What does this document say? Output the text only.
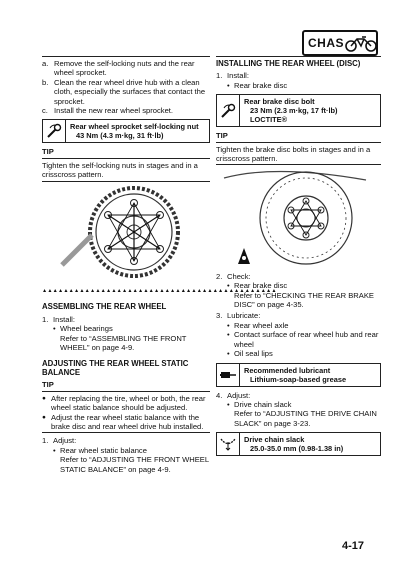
CHAS
a. Remove the self-locking nuts and the rear wheel sprocket.
b. Clean the rear wheel drive hub with a clean cloth, especially the surfaces that contact the sprocket.
c. Install the new rear wheel sprocket.
Rear wheel sprocket self-locking nut
43 Nm (4.3 m·kg, 31 ft·lb)
TIP
Tighten the self-locking nuts in stages and in a crisscross pattern.
▲▲▲▲▲▲▲▲▲▲▲▲▲▲▲▲▲▲▲▲▲▲▲▲▲▲▲▲▲▲▲▲▲▲▲▲▲▲▲▲▲▲▲▲
ASSEMBLING THE REAR WHEEL
1. Install:
• Wheel bearings
Refer to “ASSEMBLING THE FRONT WHEEL” on page 4-9.
ADJUSTING THE REAR WHEEL STATIC BALANCE
TIP
● After replacing the tire, wheel or both, the rear wheel static balance should be adjusted.
● Adjust the rear wheel static balance with the brake disc and rear wheel drive hub installed.
1. Adjust:
• Rear wheel static balance
Refer to “ADJUSTING THE FRONT WHEEL STATIC BALANCE” on page 4-9.
INSTALLING THE REAR WHEEL (DISC)
1. Install:
• Rear brake disc
Rear brake disc bolt
23 Nm (2.3 m·kg, 17 ft·lb)
LOCTITE®
TIP
Tighten the brake disc bolts in stages and in a crisscross pattern.
2. Check:
• Rear brake disc
Refer to “CHECKING THE REAR BRAKE DISC” on page 4-35.
3. Lubricate:
• Rear wheel axle
• Contact surface of rear wheel hub and rear wheel
• Oil seal lips
Recommended lubricant
Lithium-soap-based grease
4. Adjust:
• Drive chain slack
Refer to “ADJUSTING THE DRIVE CHAIN SLACK” on page 3-23.
Drive chain slack
25.0-35.0 mm (0.98-1.38 in)
4-17
